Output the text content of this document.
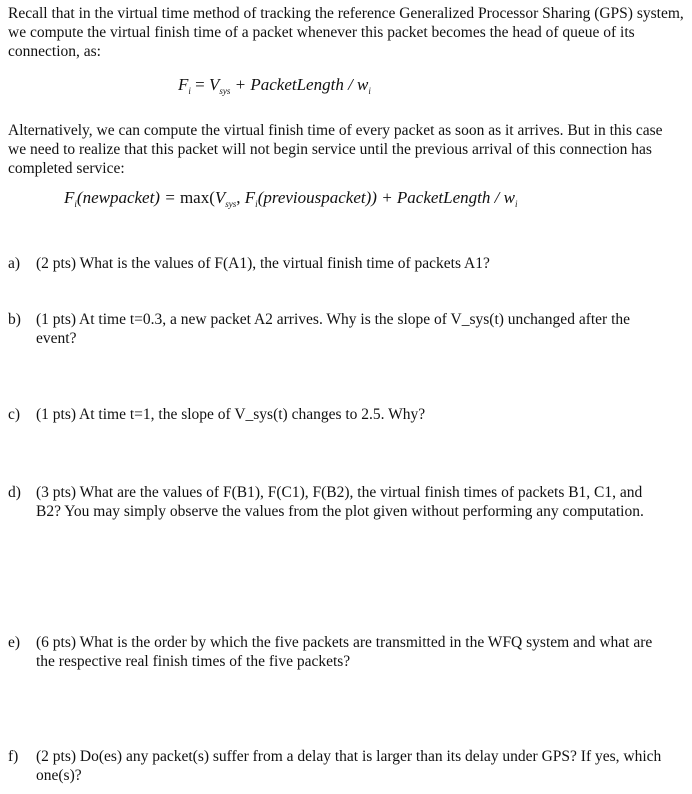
Recall that in the virtual time method of tracking the reference Generalized Processor Sharing (GPS) system, we compute the virtual finish time of a packet whenever this packet becomes the head of queue of its connection, as:

$F_i = V_{sys}$ + PacketLength / $w_i$

Alternatively, we can compute the virtual finish time of every packet as soon as it arrives. But in this case we need to realize that this packet will not begin service until the previous arrival of this connection has completed service:

$F_i(newpacket) = \max(V_{sys}$, $F_i(previouspacket)$) + PacketLength / $w_i$
a) (2 pts) What is the values of F(A1), the virtual finish time of packets A1?
b) (1 pts) At time t=0.3, a new packet A2 arrives. Why is the slope of V_sys(t) unchanged after the event?
c) (1 pts) At time t=1, the slope of V_sys(t) changes to 2.5. Why?
d) (3 pts) What are the values of F(B1), F(C1), F(B2), the virtual finish times of packets B1, C1, and B2? You may simply observe the values from the plot given without performing any computation.
e) (6 pts) What is the order by which the five packets are transmitted in the WFQ system and what are the respective real finish times of the five packets?
f) (2 pts) Do(es) any packet(s) suffer from a delay that is larger than its delay under GPS? If yes, which one(s)?
